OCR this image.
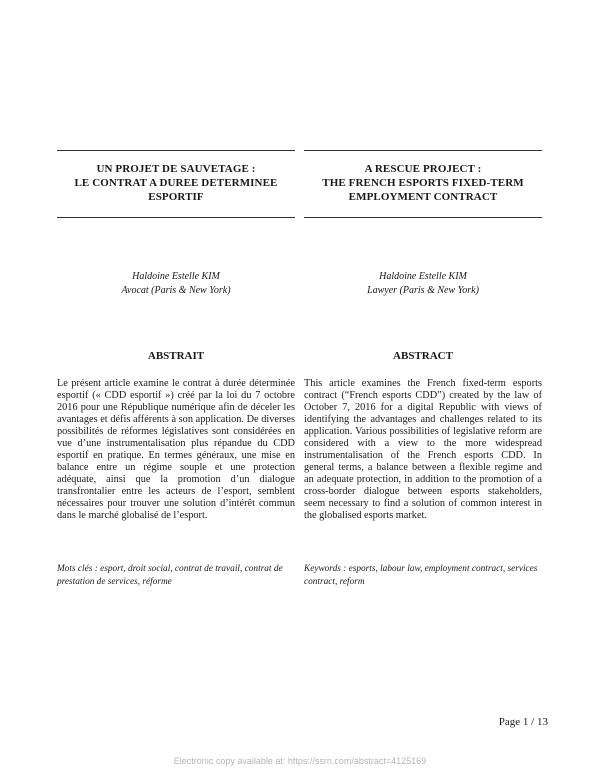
UN PROJET DE SAUVETAGE :
LE CONTRAT A DUREE DETERMINEE
ESPORTIF
Haldoine Estelle KIM
Avocat (Paris & New York)
ABSTRAIT
Le présent article examine le contrat à durée déterminée esportif (« CDD esportif ») créé par la loi du 7 octobre 2016 pour une République numérique afin de déceler les avantages et défis afférents à son application. De diverses possibilités de réformes législatives sont considérées en vue d’une instrumentalisation plus répandue du CDD esportif en pratique. En termes généraux, une mise en balance entre un régime souple et une protection adéquate, ainsi que la promotion d’un dialogue transfrontalier entre les acteurs de l’esport, semblent nécessaires pour trouver une solution d’intérêt commun dans le marché globalisé de l’esport.
Mots clés : esport, droit social, contrat de travail, contrat de prestation de services, réforme
A RESCUE PROJECT :
THE FRENCH ESPORTS FIXED-TERM
EMPLOYMENT CONTRACT
Haldoine Estelle KIM
Lawyer (Paris & New York)
ABSTRACT
This article examines the French fixed-term esports contract (“French esports CDD”) created by the law of October 7, 2016 for a digital Republic with views of identifying the advantages and challenges related to its application. Various possibilities of legislative reform are considered with a view to the more widespread instrumentalisation of the French esports CDD. In general terms, a balance between a flexible regime and an adequate protection, in addition to the promotion of a cross-border dialogue between esports stakeholders, seem necessary to find a solution of common interest in the globalised esports market.
Keywords : esports, labour law, employment contract, services contract, reform
Page 1 / 13
Electronic copy available at: https://ssrn.com/abstract=4125169
